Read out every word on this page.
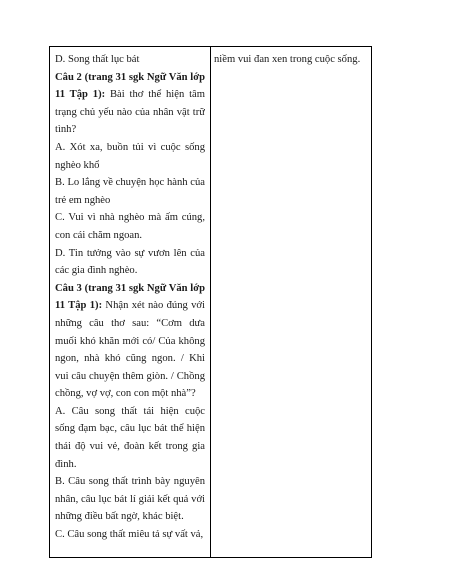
D. Song thất lục bát

Câu 2 (trang 31 sgk Ngữ Văn lớp 11 Tập 1): Bài thơ thể hiện tâm trạng chủ yếu nào của nhân vật trữ tình?

A. Xót xa, buồn tủi vì cuộc sống nghèo khổ

B. Lo lắng về chuyện học hành của trẻ em nghèo

C. Vui vì nhà nghèo mà ấm cúng, con cái chăm ngoan.

D. Tin tưởng vào sự vươn lên của các gia đình nghèo.

Câu 3 (trang 31 sgk Ngữ Văn lớp 11 Tập 1): Nhận xét nào đúng với những câu thơ sau: “Cơm dưa muối khó khăn mới có/ Của không ngon, nhà khó cũng ngon. / Khi vui câu chuyện thêm giòn. / Chồng chồng, vợ vợ, con con một nhà”?

A. Câu song thất tái hiện cuộc sống đạm bạc, câu lục bát thể hiện thái độ vui vẻ, đoàn kết trong gia đình.

B. Câu song thất trình bày nguyên nhân, câu lục bát lí giải kết quả với những điều bất ngờ, khác biệt.

C. Câu song thất miêu tả sự vất vả,

niềm vui đan xen trong cuộc sống.
